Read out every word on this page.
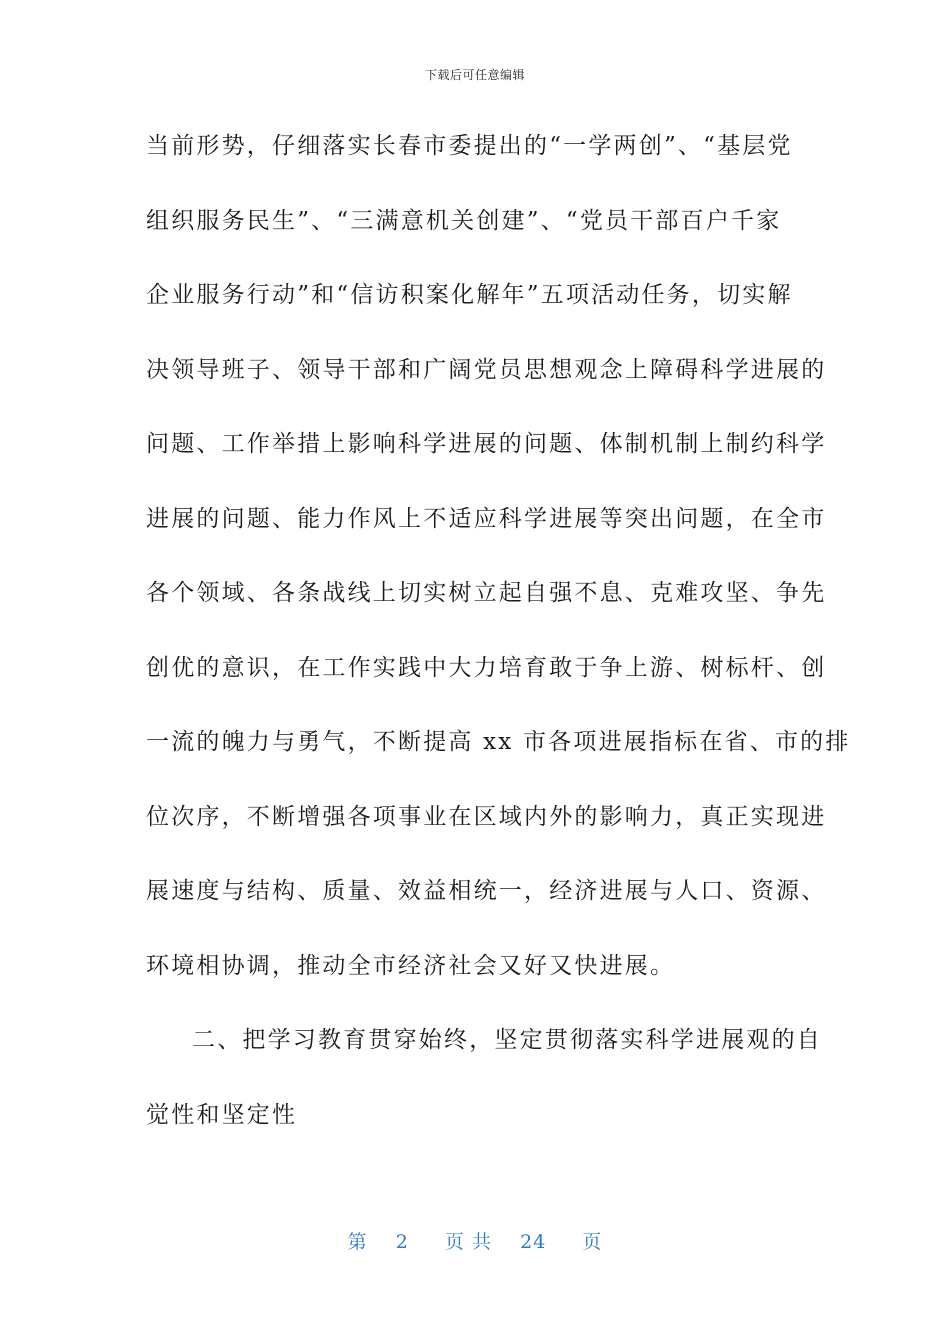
下载后可任意编辑
当前形势，仔细落实长春市委提出的“一学两创”、“基层党
组织服务民生”、“三满意机关创建”、“党员干部百户千家
企业服务行动”和“信访积案化解年”五项活动任务，切实解
决领导班子、领导干部和广阔党员思想观念上障碍科学进展的
问题、工作举措上影响科学进展的问题、体制机制上制约科学
进展的问题、能力作风上不适应科学进展等突出问题，在全市
各个领域、各条战线上切实树立起自强不息、克难攻坚、争先
创优的意识，在工作实践中大力培育敢于争上游、树标杆、创
一流的魄力与勇气，不断提高 xx 市各项进展指标在省、市的排
位次序，不断增强各项事业在区域内外的影响力，真正实现进
展速度与结构、质量、效益相统一，经济进展与人口、资源、
环境相协调，推动全市经济社会又好又快进展。
二、把学习教育贯穿始终，坚定贯彻落实科学进展观的自
觉性和坚定性
第 2 页 共 24 页
